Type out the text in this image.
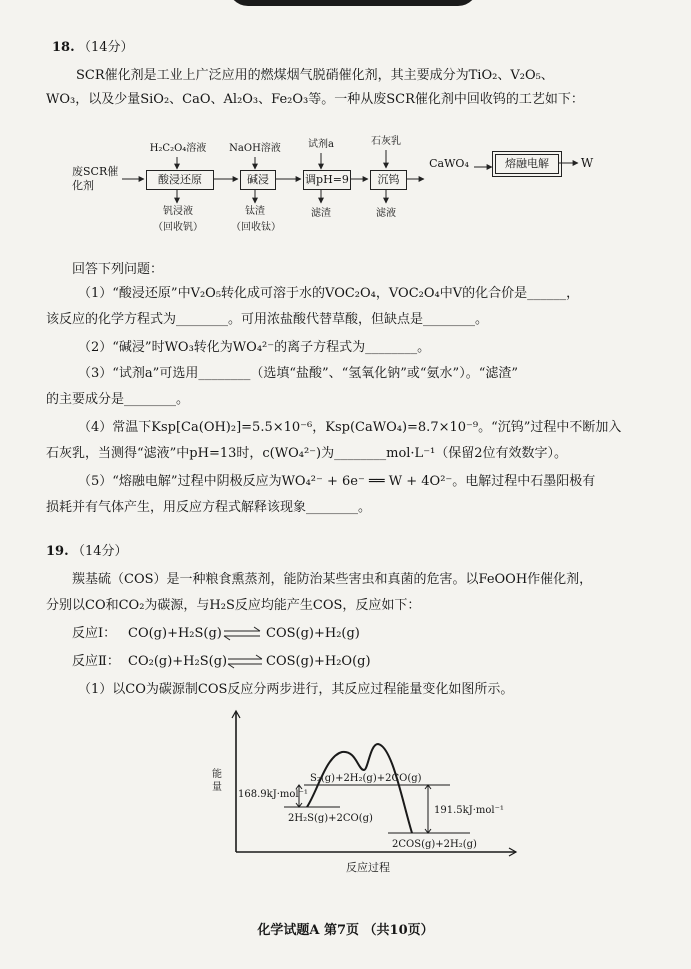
18. （14分）
SCR催化剂是工业上广泛应用的燃煤烟气脱硝催化剂，其主要成分为TiO₂、V₂O₅、
WO₃，以及少量SiO₂、CaO、Al₂O₃、Fe₂O₃等。一种从废SCR催化剂中回收钨的工艺如下：
废SCR催化剂
H₂C₂O₄溶液	NaOH溶液	试剂a	石灰乳
酸浸还原	碱浸	调pH=9	沉钨
CaWO₄	熔融电解	W
钒浸液
（回收钒）
钛渣
（回收钛）
滤渣	滤液
回答下列问题：
（1）“酸浸还原”中V₂O₅转化成可溶于水的VOC₂O₄，VOC₂O₄中V的化合价是______，
该反应的化学方程式为________。可用浓盐酸代替草酸，但缺点是________。
（2）“碱浸”时WO₃转化为WO₄²⁻的离子方程式为________。
（3）“试剂a”可选用________（选填“盐酸”、“氢氧化钠”或“氨水”）。“滤渣”
的主要成分是________。
（4）常温下Ksp[Ca(OH)₂]=5.5×10⁻⁶，Ksp(CaWO₄)=8.7×10⁻⁹。“沉钨”过程中不断加入
石灰乳，当测得“滤液”中pH=13时，c(WO₄²⁻)为________mol·L⁻¹（保留2位有效数字）。
（5）“熔融电解”过程中阴极反应为WO₄²⁻ + 6e⁻ ══ W + 4O²⁻。电解过程中石墨阳极有
损耗并有气体产生，用反应方程式解释该现象________。
19. （14分）
羰基硫（COS）是一种粮食熏蒸剂，能防治某些害虫和真菌的危害。以FeOOH作催化剂，
分别以CO和CO₂为碳源，与H₂S反应均能产生COS，反应如下：
反应Ⅰ： CO(g)+H₂S(g)	COS(g)+H₂(g)
反应Ⅱ： CO₂(g)+H₂S(g)	COS(g)+H₂O(g)
（1）以CO为碳源制COS反应分两步进行，其反应过程能量变化如图所示。
能量
反应过程
S₂(g)+2H₂(g)+2CO(g)
2H₂S(g)+2CO(g)
2COS(g)+2H₂(g)
168.9kJ·mol⁻¹
191.5kJ·mol⁻¹
化学试题A 第7页 （共10页）
